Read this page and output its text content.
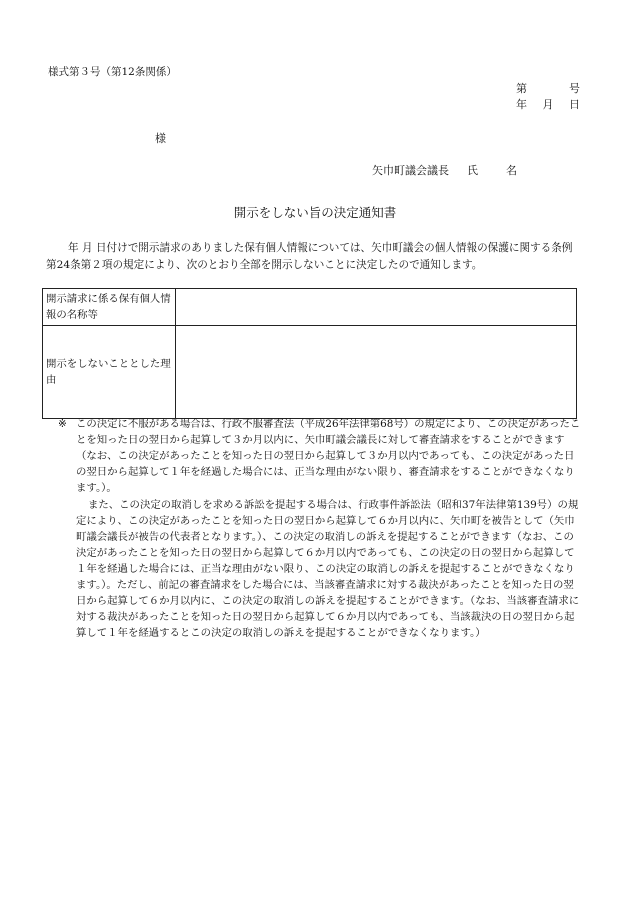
様式第３号（第12条関係）
第	号
年 月 日
様
矢巾町議会議長 氏	名
開示をしない旨の決定通知書
年 月 日付けで開示請求のありました保有個人情報については、矢巾町議会の個人情報の保護に関する条例第24条第２項の規定により、次のとおり全部を開示しないことに決定したので通知します。
開示請求に係る保有個人情報の名称等	
開示をしないこととした理由	

※ この決定に不服がある場合は、行政不服審査法（平成26年法律第68号）の規定により、この決定があったことを知った日の翌日から起算して３か月以内に、矢巾町議会議長に対して審査請求をすることができます（なお、この決定があったことを知った日の翌日から起算して３か月以内であっても、この決定があった日の翌日から起算して１年を経過した場合には、正当な理由がない限り、審査請求をすることができなくなります。）。

また、この決定の取消しを求める訴訟を提起する場合は、行政事件訴訟法（昭和37年法律第139号）の規定により、この決定があったことを知った日の翌日から起算して６か月以内に、矢巾町を被告として（矢巾町議会議長が被告の代表者となります。）、この決定の取消しの訴えを提起することができます（なお、この決定があったことを知った日の翌日から起算して６か月以内であっても、この決定の日の翌日から起算して１年を経過した場合には、正当な理由がない限り、この決定の取消しの訴えを提起することができなくなります。）。ただし、前記の審査請求をした場合には、当該審査請求に対する裁決があったことを知った日の翌日から起算して６か月以内に、この決定の取消しの訴えを提起することができます。（なお、当該審査請求に対する裁決があったことを知った日の翌日から起算して６か月以内であっても、当該裁決の日の翌日から起算して１年を経過するとこの決定の取消しの訴えを提起することができなくなります。）
